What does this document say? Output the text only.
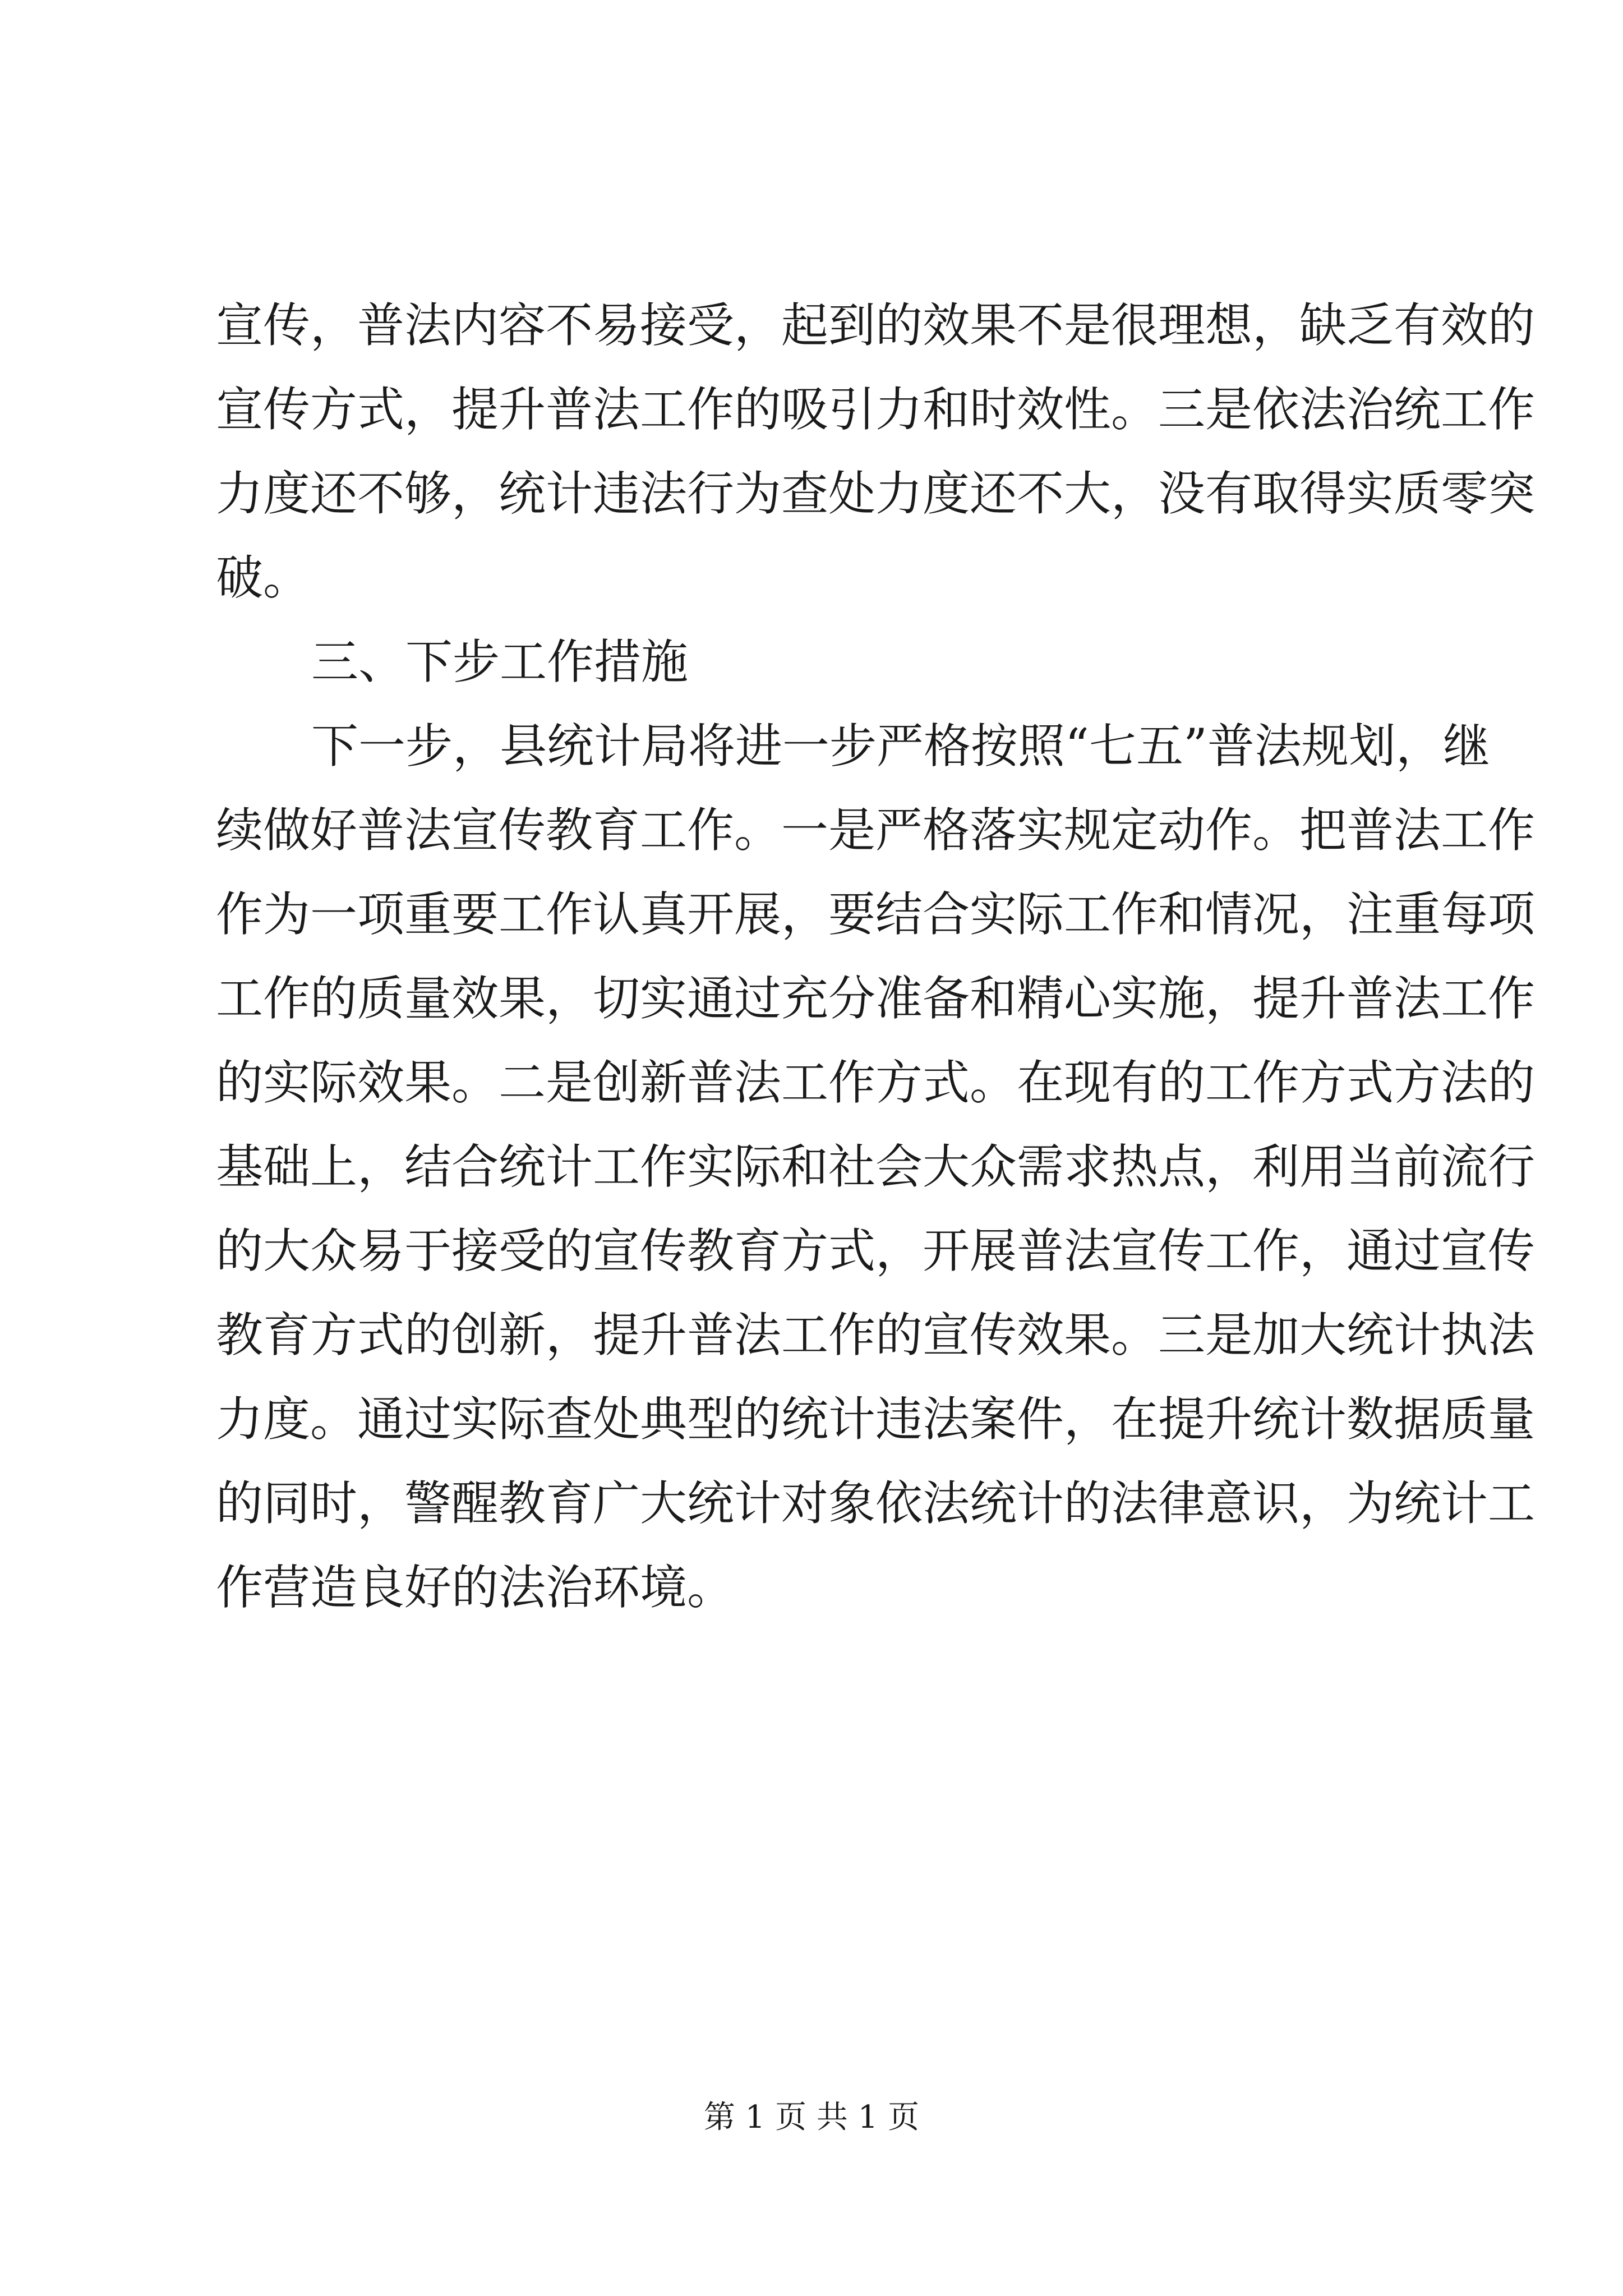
宣传，普法内容不易接受，起到的效果不是很理想，缺乏有效的

宣传方式，提升普法工作的吸引力和时效性。三是依法治统工作

力度还不够，统计违法行为查处力度还不大，没有取得实质零突

破。

三、下步工作措施

下一步，县统计局将进一步严格按照“七五”普法规划，继

续做好普法宣传教育工作。一是严格落实规定动作。把普法工作

作为一项重要工作认真开展，要结合实际工作和情况，注重每项

工作的质量效果，切实通过充分准备和精心实施，提升普法工作

的实际效果。二是创新普法工作方式。在现有的工作方式方法的

基础上，结合统计工作实际和社会大众需求热点，利用当前流行

的大众易于接受的宣传教育方式，开展普法宣传工作，通过宣传

教育方式的创新，提升普法工作的宣传效果。三是加大统计执法

力度。通过实际查处典型的统计违法案件，在提升统计数据质量

的同时，警醒教育广大统计对象依法统计的法律意识，为统计工

作营造良好的法治环境。

第 1 页 共 1 页
